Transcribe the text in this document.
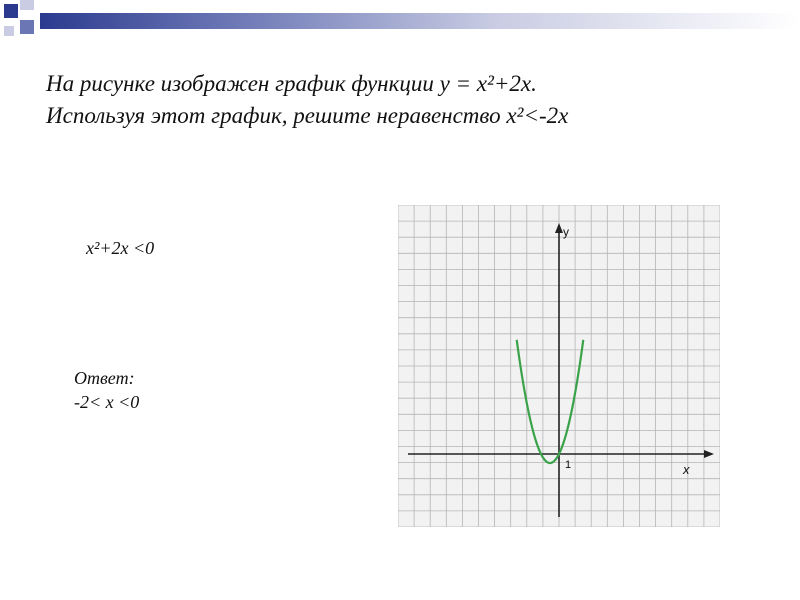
На рисунке изображен график функции y = x²+2x.
Используя этот график, решите неравенство x²<-2x
x²+2x <0
Ответ:
-2< x <0
y
x
1
